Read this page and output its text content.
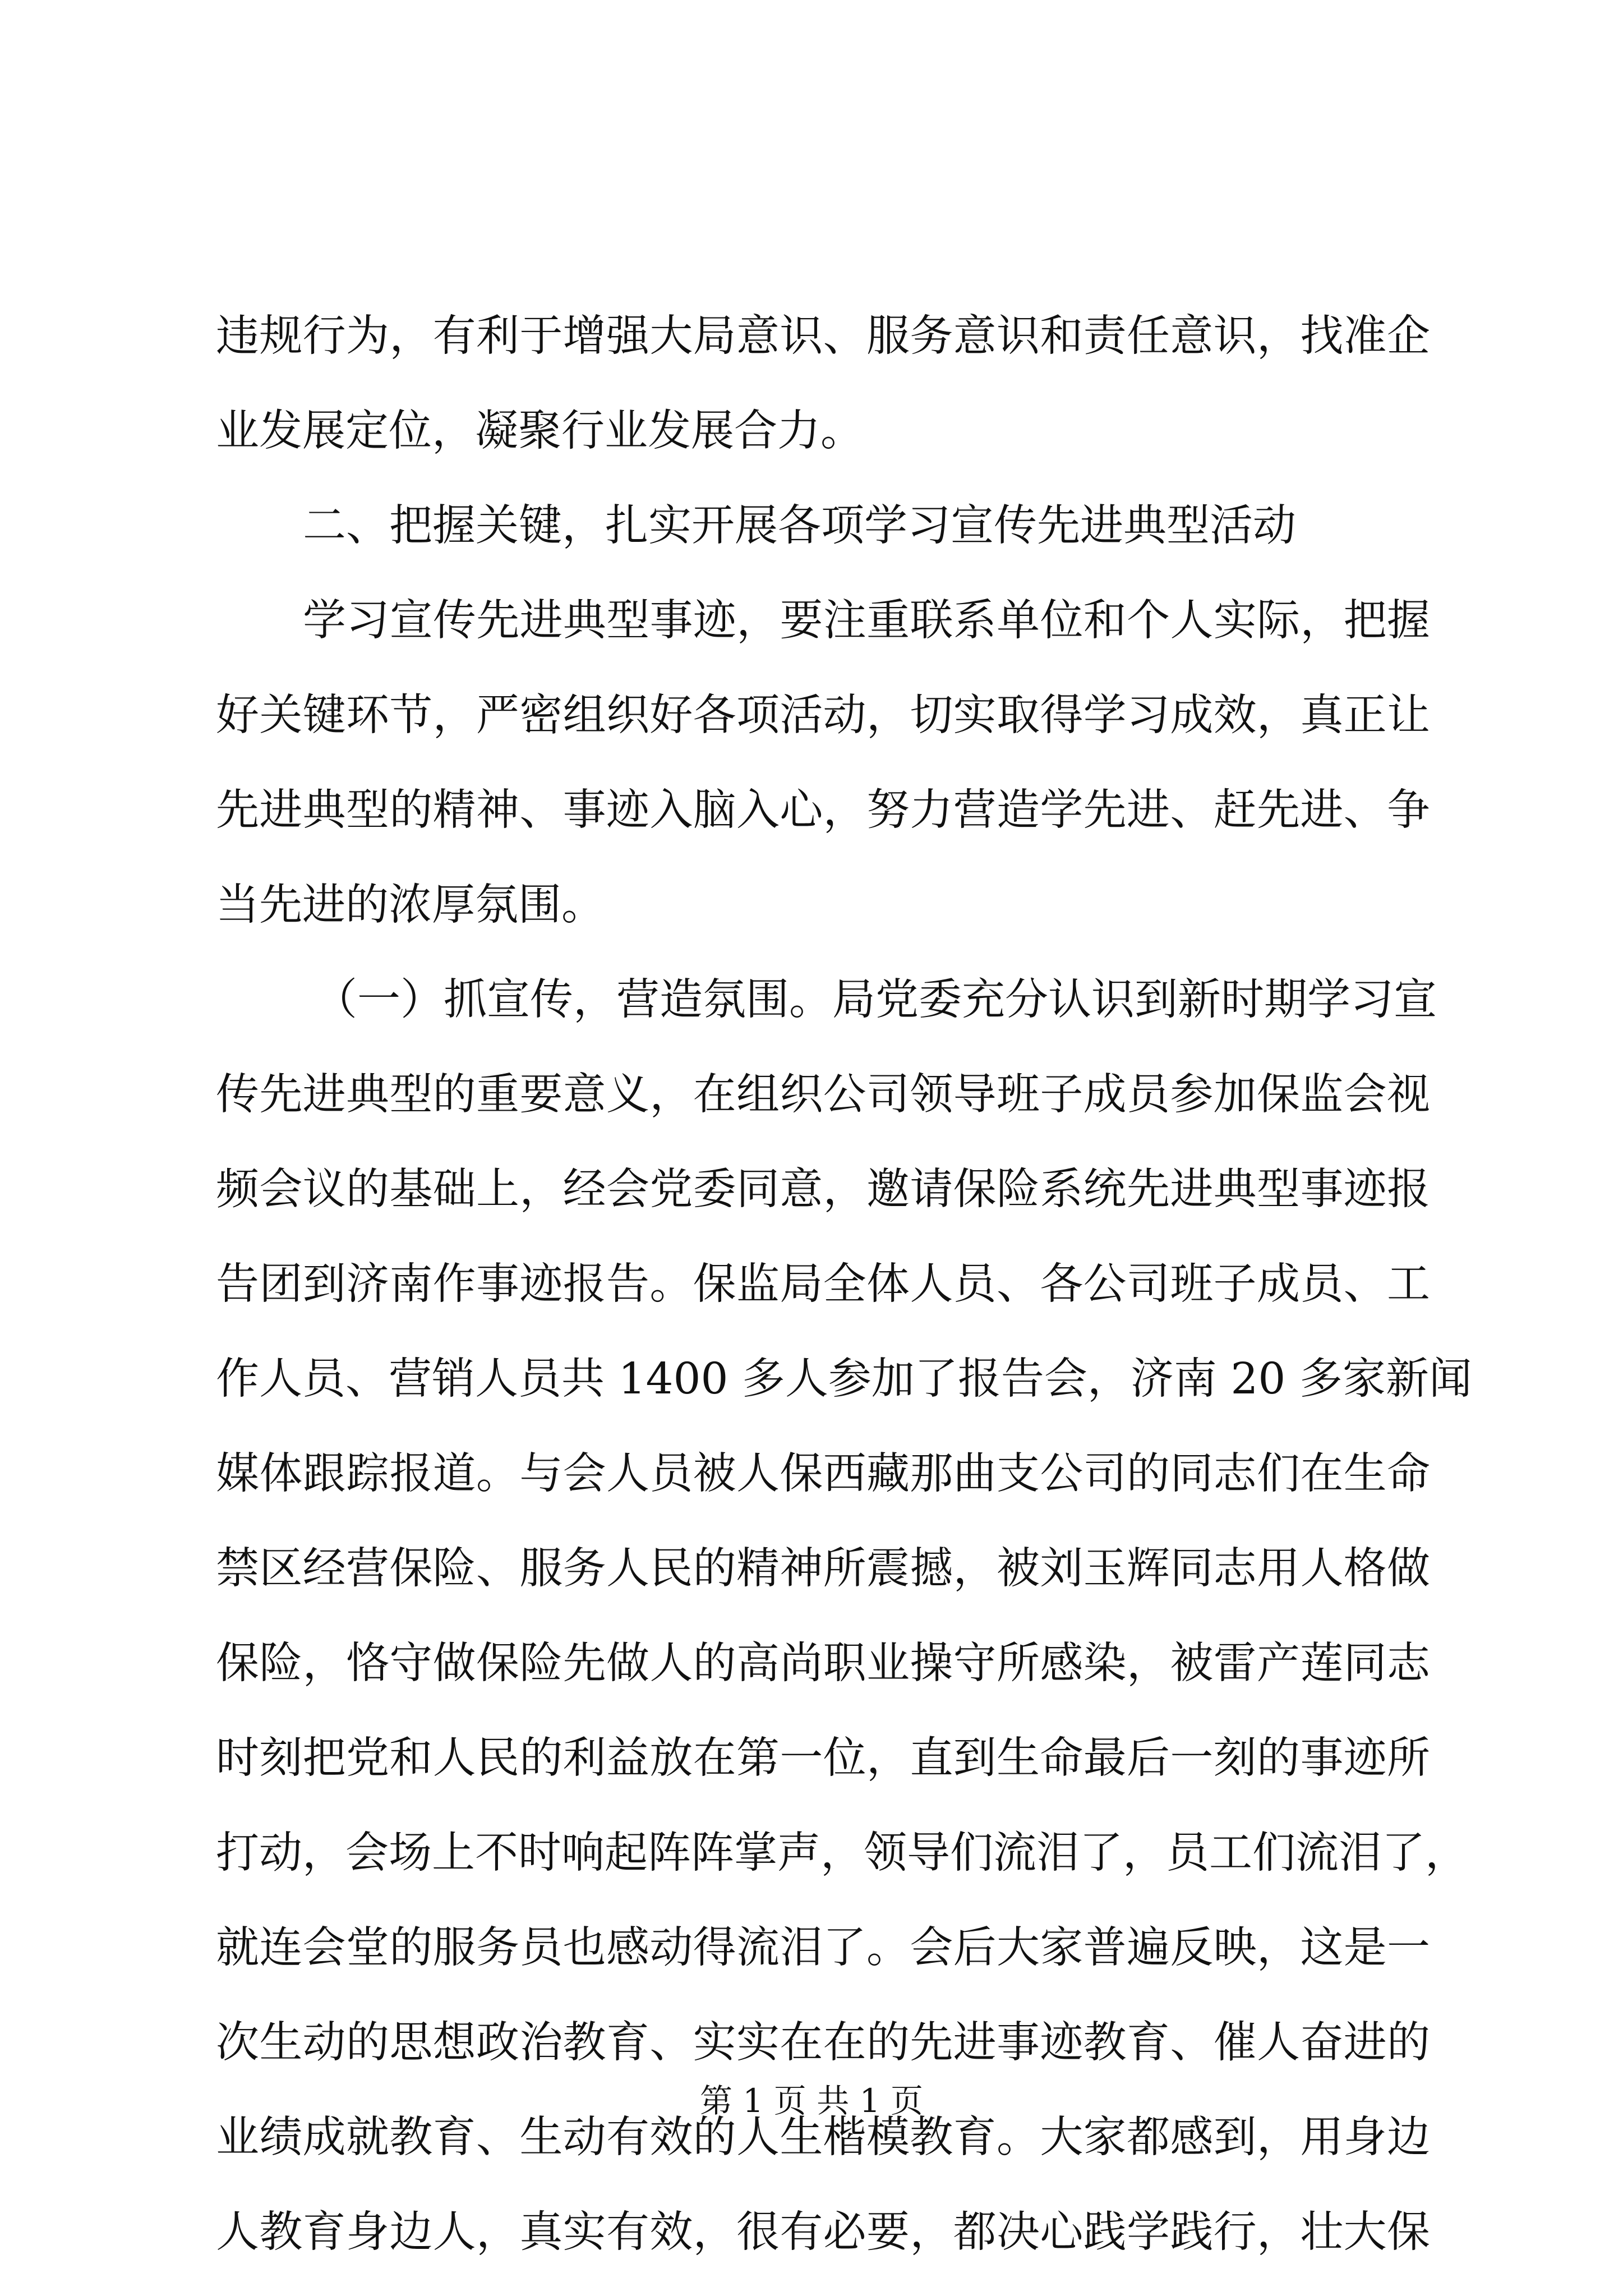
违规行为，有利于增强大局意识、服务意识和责任意识，找准企
业发展定位，凝聚行业发展合力。
二、把握关键，扎实开展各项学习宣传先进典型活动
学习宣传先进典型事迹，要注重联系单位和个人实际，把握
好关键环节，严密组织好各项活动，切实取得学习成效，真正让
先进典型的精神、事迹入脑入心，努力营造学先进、赶先进、争
当先进的浓厚氛围。
（一）抓宣传，营造氛围。局党委充分认识到新时期学习宣
传先进典型的重要意义，在组织公司领导班子成员参加保监会视
频会议的基础上，经会党委同意，邀请保险系统先进典型事迹报
告团到济南作事迹报告。保监局全体人员、各公司班子成员、工
作人员、营销人员共 1400 多人参加了报告会，济南 20 多家新闻
媒体跟踪报道。与会人员被人保西藏那曲支公司的同志们在生命
禁区经营保险、服务人民的精神所震撼，被刘玉辉同志用人格做
保险，恪守做保险先做人的高尚职业操守所感染，被雷产莲同志
时刻把党和人民的利益放在第一位，直到生命最后一刻的事迹所
打动，会场上不时响起阵阵掌声，领导们流泪了，员工们流泪了，
就连会堂的服务员也感动得流泪了。会后大家普遍反映，这是一
次生动的思想政治教育、实实在在的先进事迹教育、催人奋进的
业绩成就教育、生动有效的人生楷模教育。大家都感到，用身边
人教育身边人，真实有效，很有必要，都决心践学践行，壮大保
第 1 页 共 1 页
